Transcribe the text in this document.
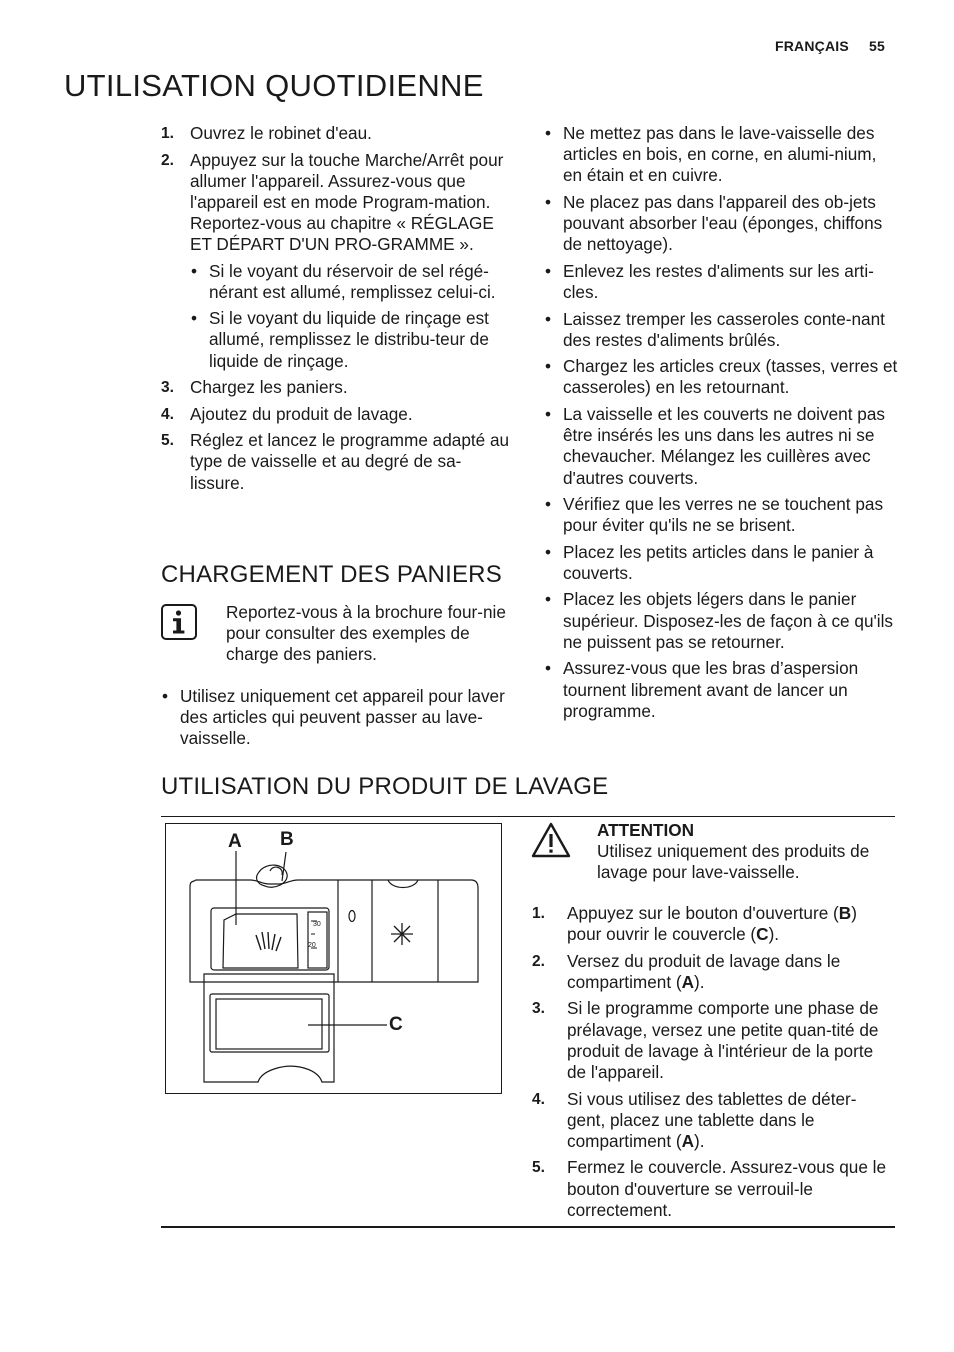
FRANÇAIS 55
UTILISATION QUOTIDIENNE
1. Ouvrez le robinet d'eau.
2. Appuyez sur la touche Marche/Arrêt pour allumer l'appareil. Assurez-vous que l'appareil est en mode Program-mation. Reportez-vous au chapitre « RÉGLAGE ET DÉPART D'UN PRO-GRAMME ».
• Si le voyant du réservoir de sel régé-nérant est allumé, remplissez celui-ci.
• Si le voyant du liquide de rinçage est allumé, remplissez le distribu-teur de liquide de rinçage.
3. Chargez les paniers.
4. Ajoutez du produit de lavage.
5. Réglez et lancez le programme adapté au type de vaisselle et au degré de sa-lissure.
CHARGEMENT DES PANIERS
Reportez-vous à la brochure four-nie pour consulter des exemples de charge des paniers.
• Utilisez uniquement cet appareil pour laver des articles qui peuvent passer au lave-vaisselle.
• Ne mettez pas dans le lave-vaisselle des articles en bois, en corne, en alumi-nium, en étain et en cuivre.
• Ne placez pas dans l'appareil des ob-jets pouvant absorber l'eau (éponges, chiffons de nettoyage).
• Enlevez les restes d'aliments sur les arti-cles.
• Laissez tremper les casseroles conte-nant des restes d'aliments brûlés.
• Chargez les articles creux (tasses, verres et casseroles) en les retournant.
• La vaisselle et les couverts ne doivent pas être insérés les uns dans les autres ni se chevaucher. Mélangez les cuillères avec d'autres couverts.
• Vérifiez que les verres ne se touchent pas pour éviter qu'ils ne se brisent.
• Placez les petits articles dans le panier à couverts.
• Placez les objets légers dans le panier supérieur. Disposez-les de façon à ce qu'ils ne puissent pas se retourner.
• Assurez-vous que les bras d’aspersion tournent librement avant de lancer un programme.
UTILISATION DU PRODUIT DE LAVAGE
A B
C
30
20
ATTENTION
Utilisez uniquement des produits de lavage pour lave-vaisselle.
1. Appuyez sur le bouton d'ouverture (B) pour ouvrir le couvercle (C).
2. Versez du produit de lavage dans le compartiment (A).
3. Si le programme comporte une phase de prélavage, versez une petite quan-tité de produit de lavage à l'intérieur de la porte de l'appareil.
4. Si vous utilisez des tablettes de déter-gent, placez une tablette dans le compartiment (A).
5. Fermez le couvercle. Assurez-vous que le bouton d'ouverture se verrouil-le correctement.
